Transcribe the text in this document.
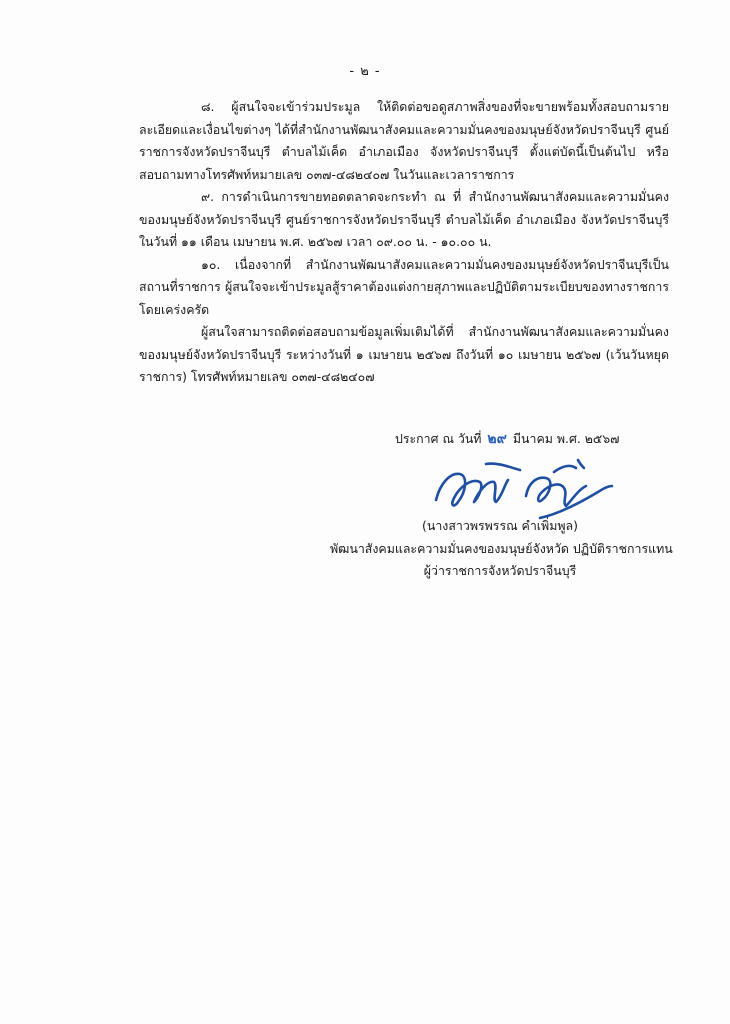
- ๒ -

๘. ผู้สนใจจะเข้าร่วมประมูล ให้ติดต่อขอดูสภาพสิ่งของที่จะขายพร้อมทั้งสอบถามรายละเอียดและเงื่อนไขต่างๆ ได้ที่สำนักงานพัฒนาสังคมและความมั่นคงของมนุษย์จังหวัดปราจีนบุรี ศูนย์ราชการจังหวัดปราจีนบุรี ตำบลไม้เค็ด อำเภอเมือง จังหวัดปราจีนบุรี ตั้งแต่บัดนี้เป็นต้นไป หรือสอบถามทางโทรศัพท์หมายเลข ๐๓๗-๔๘๒๔๐๗ ในวันและเวลาราชการ

๙. การดำเนินการขายทอดตลาดจะกระทำ ณ ที่ สำนักงานพัฒนาสังคมและความมั่นคงของมนุษย์จังหวัดปราจีนบุรี ศูนย์ราชการจังหวัดปราจีนบุรี ตำบลไม้เค็ด อำเภอเมือง จังหวัดปราจีนบุรี ในวันที่ ๑๑ เดือน เมษายน พ.ศ. ๒๕๖๗ เวลา ๐๙.๐๐ น. - ๑๐.๐๐ น.

๑๐. เนื่องจากที่ สำนักงานพัฒนาสังคมและความมั่นคงของมนุษย์จังหวัดปราจีนบุรีเป็นสถานที่ราชการ ผู้สนใจจะเข้าประมูลสู้ราคาต้องแต่งกายสุภาพและปฏิบัติตามระเบียบของทางราชการโดยเคร่งครัด

ผู้สนใจสามารถติดต่อสอบถามข้อมูลเพิ่มเติมได้ที่ สำนักงานพัฒนาสังคมและความมั่นคงของมนุษย์จังหวัดปราจีนบุรี ระหว่างวันที่ ๑ เมษายน ๒๕๖๗ ถึงวันที่ ๑๐ เมษายน ๒๕๖๗ (เว้นวันหยุดราชการ) โทรศัพท์หมายเลข ๐๓๗-๔๘๒๔๐๗

ประกาศ ณ วันที่ ๒๙ มีนาคม พ.ศ. ๒๕๖๗
(นางสาวพรพรรณ คำเพิ่มพูล)
พัฒนาสังคมและความมั่นคงของมนุษย์จังหวัด ปฏิบัติราชการแทน
ผู้ว่าราชการจังหวัดปราจีนบุรี
